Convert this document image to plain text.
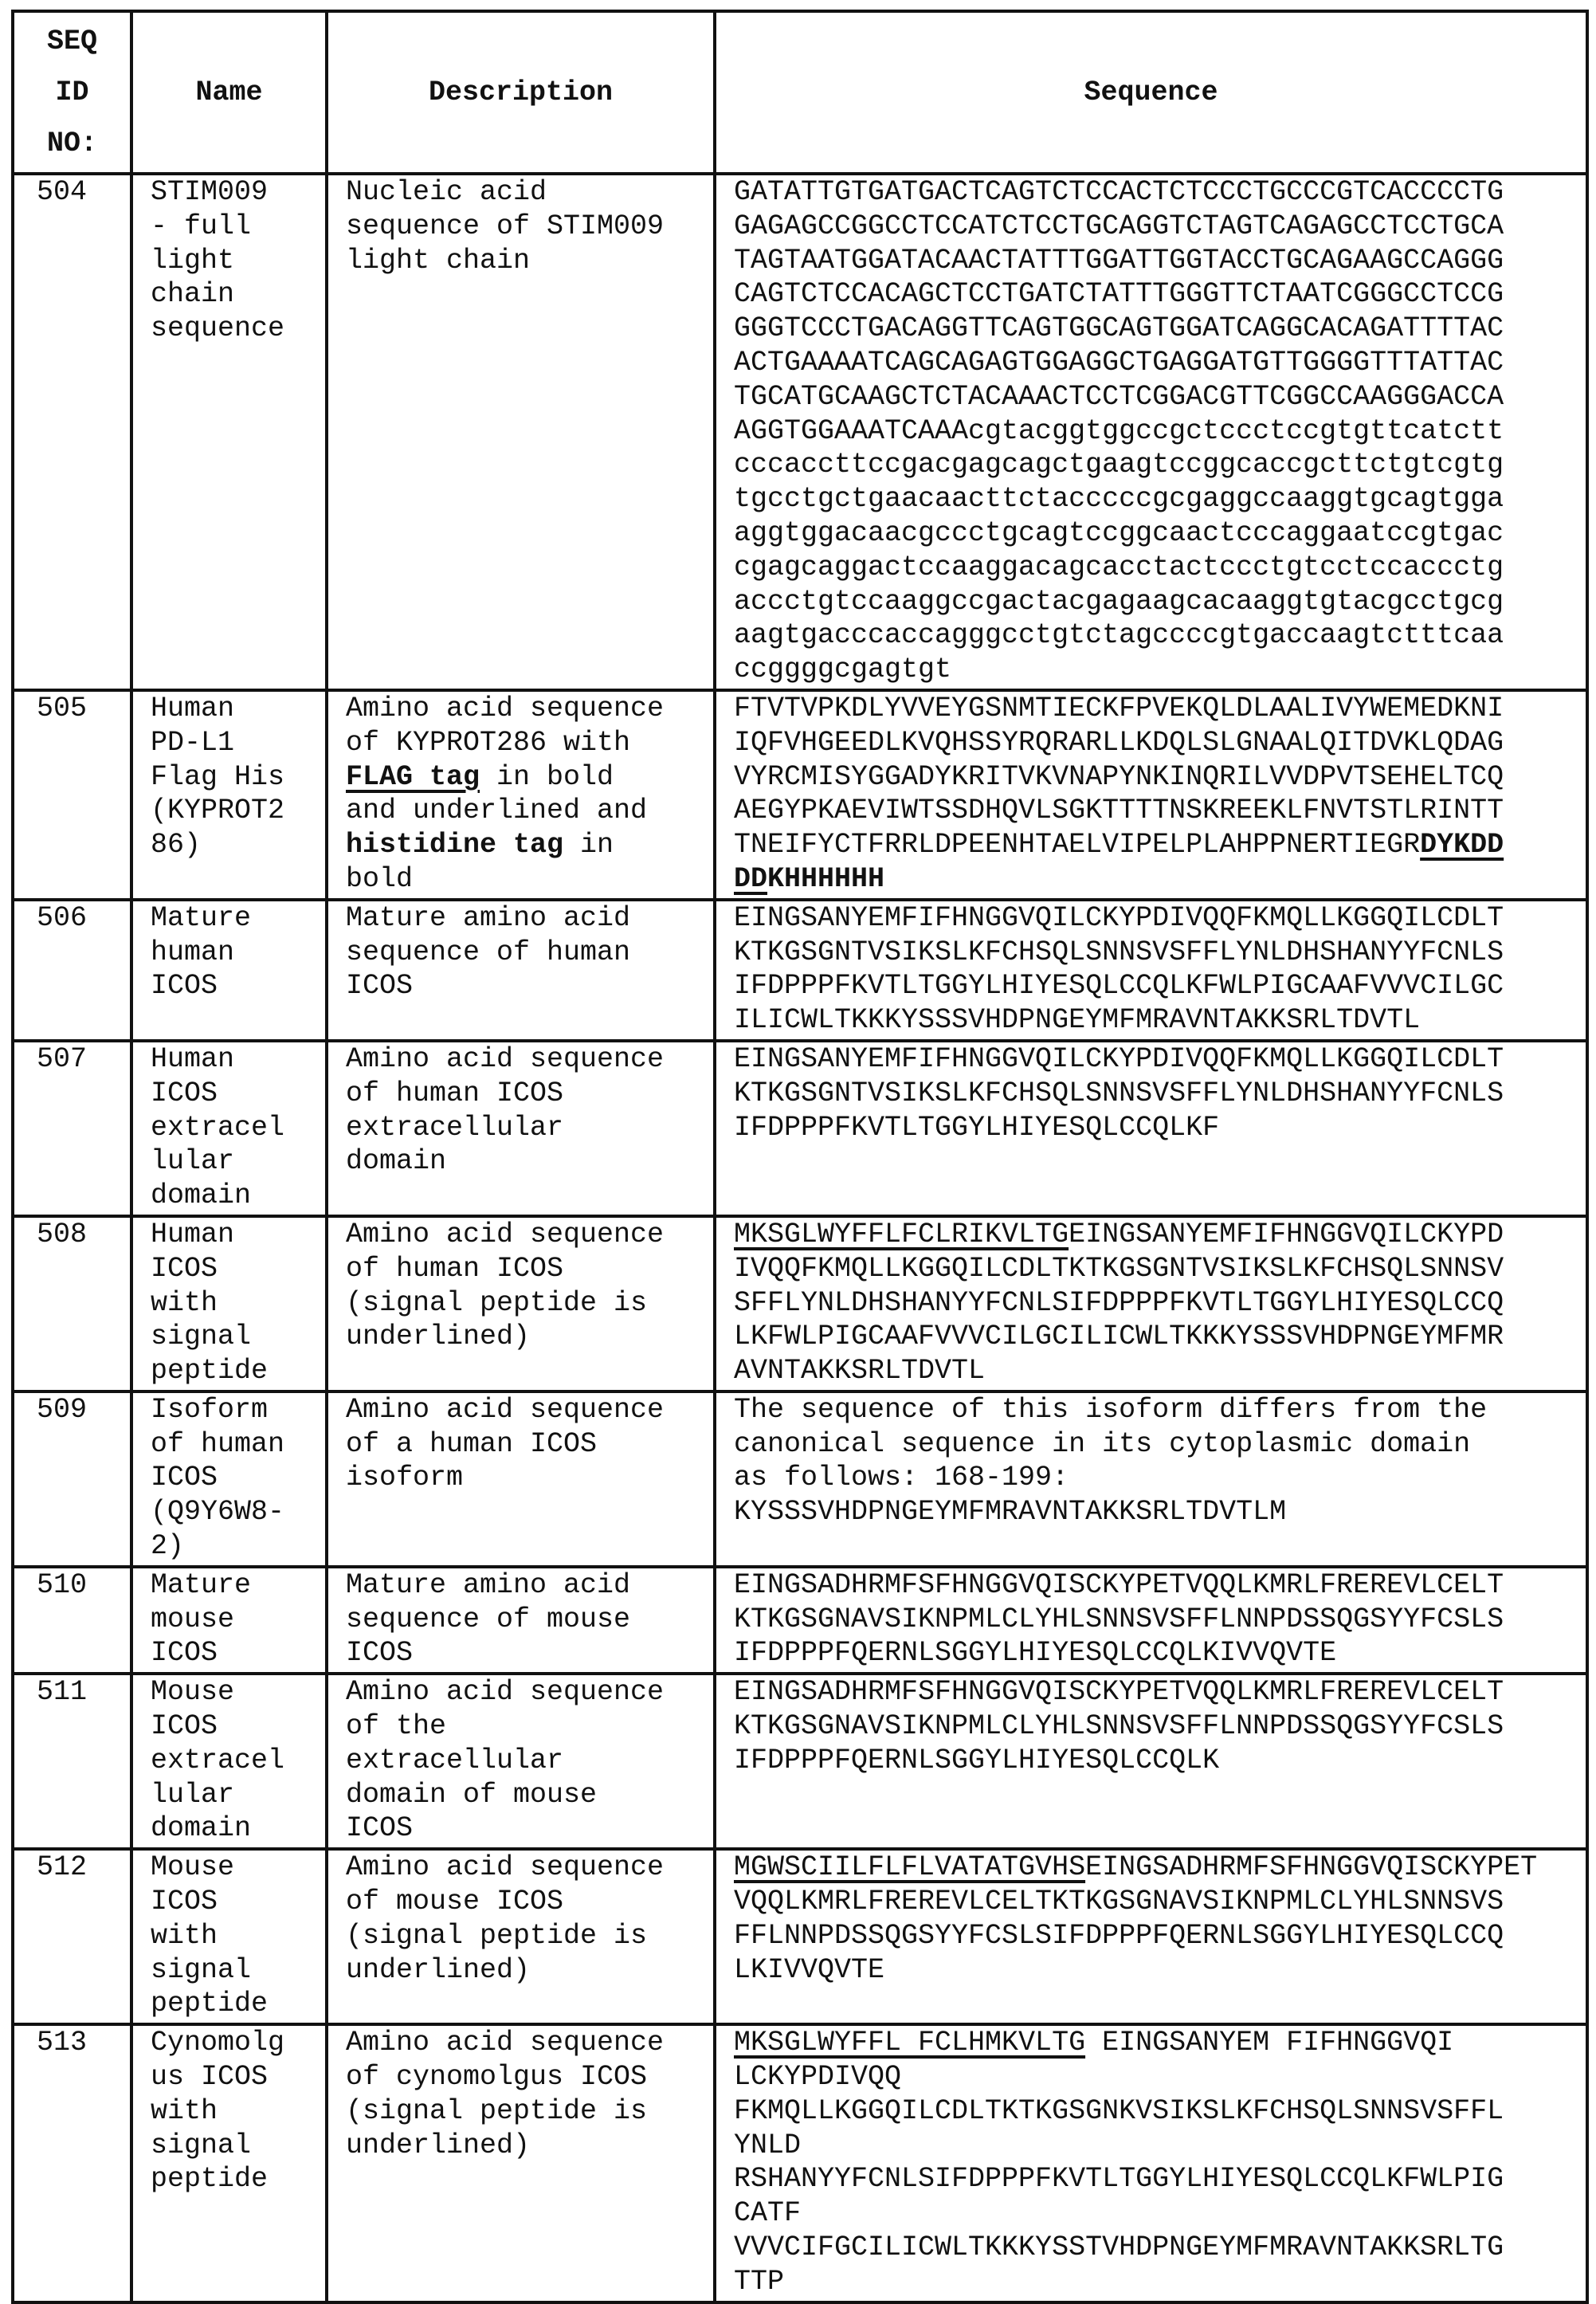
SEQ
ID
NO:	Name	Description	Sequence
504	STIM009
- full
light
chain
sequence	Nucleic acid
sequence of STIM009
light chain	GATATTGTGATGACTCAGTCTCCACTCTCCCTGCCCGTCACCCCTG
GAGAGCCGGCCTCCATCTCCTGCAGGTCTAGTCAGAGCCTCCTGCA
TAGTAATGGATACAACTATTTGGATTGGTACCTGCAGAAGCCAGGG
CAGTCTCCACAGCTCCTGATCTATTTGGGTTCTAATCGGGCCTCCG
GGGTCCCTGACAGGTTCAGTGGCAGTGGATCAGGCACAGATTTTAC
ACTGAAAATCAGCAGAGTGGAGGCTGAGGATGTTGGGGTTTATTAC
TGCATGCAAGCTCTACAAACTCCTCGGACGTTCGGCCAAGGGACCA
AGGTGGAAATCAAAcgtacggtggccgctccctccgtgttcatctt
cccaccttccgacgagcagctgaagtccggcaccgcttctgtcgtg
tgcctgctgaacaacttctacccccgcgaggccaaggtgcagtgga
aggtggacaacgccctgcagtccggcaactcccaggaatccgtgac
cgagcaggactccaaggacagcacctactccctgtcctccaccctg
accctgtccaaggccgactacgagaagcacaaggtgtacgcctgcg
aagtgacccaccagggcctgtctagccccgtgaccaagtctttcaa
ccggggcgagtgt
505	Human
PD-L1
Flag His
(KYPROT2
86)	Amino acid sequence
of KYPROT286 with
FLAG tag in bold
and underlined and
histidine tag in
bold	FTVTVPKDLYVVEYGSNMTIECKFPVEKQLDLAALIVYWEMEDKNI
IQFVHGEEDLKVQHSSYRQRARLLKDQLSLGNAALQITDVKLQDAG
VYRCMISYGGADYKRITVKVNAPYNKINQRILVVDPVTSEHELTCQ
AEGYPKAEVIWTSSDHQVLSGKTTTTNSKREEKLFNVTSTLRINTT
TNEIFYCTFRRLDPEENHTAELVIPELPLAHPPNERTIEGRDYKDD
DDKHHHHHH
506	Mature
human
ICOS	Mature amino acid
sequence of human
ICOS	EINGSANYEMFIFHNGGVQILCKYPDIVQQFKMQLLKGGQILCDLT
KTKGSGNTVSIKSLKFCHSQLSNNSVSFFLYNLDHSHANYYFCNLS
IFDPPPFKVTLTGGYLHIYESQLCCQLKFWLPIGCAAFVVVCILGC
ILICWLTKKKYSSSVHDPNGEYMFMRAVNTAKKSRLTDVTL
507	Human
ICOS
extracel
lular
domain	Amino acid sequence
of human ICOS
extracellular
domain	EINGSANYEMFIFHNGGVQILCKYPDIVQQFKMQLLKGGQILCDLT
KTKGSGNTVSIKSLKFCHSQLSNNSVSFFLYNLDHSHANYYFCNLS
IFDPPPFKVTLTGGYLHIYESQLCCQLKF
508	Human
ICOS
with
signal
peptide	Amino acid sequence
of human ICOS
(signal peptide is
underlined)	MKSGLWYFFLFCLRIKVLTGEINGSANYEMFIFHNGGVQILCKYPD
IVQQFKMQLLKGGQILCDLTKTKGSGNTVSIKSLKFCHSQLSNNSV
SFFLYNLDHSHANYYFCNLSIFDPPPFKVTLTGGYLHIYESQLCCQ
LKFWLPIGCAAFVVVCILGCILICWLTKKKYSSSVHDPNGEYMFMR
AVNTAKKSRLTDVTL
509	Isoform
of human
ICOS
(Q9Y6W8-
2)	Amino acid sequence
of a human ICOS
isoform	The sequence of this isoform differs from the
canonical sequence in its cytoplasmic domain
as follows: 168-199:
KYSSSVHDPNGEYMFMRAVNTAKKSRLTDVTLM
510	Mature
mouse
ICOS	Mature amino acid
sequence of mouse
ICOS	EINGSADHRMFSFHNGGVQISCKYPETVQQLKMRLFREREVLCELT
KTKGSGNAVSIKNPMLCLYHLSNNSVSFFLNNPDSSQGSYYFCSLS
IFDPPPFQERNLSGGYLHIYESQLCCQLKIVVQVTE
511	Mouse
ICOS
extracel
lular
domain	Amino acid sequence
of the
extracellular
domain of mouse
ICOS	EINGSADHRMFSFHNGGVQISCKYPETVQQLKMRLFREREVLCELT
KTKGSGNAVSIKNPMLCLYHLSNNSVSFFLNNPDSSQGSYYFCSLS
IFDPPPFQERNLSGGYLHIYESQLCCQLK
512	Mouse
ICOS
with
signal
peptide	Amino acid sequence
of mouse ICOS
(signal peptide is
underlined)	MGWSCIILFLFLVATATGVHSEINGSADHRMFSFHNGGVQISCKYPET
VQQLKMRLFREREVLCELTKTKGSGNAVSIKNPMLCLYHLSNNSVS
FFLNNPDSSQGSYYFCSLSIFDPPPFQERNLSGGYLHIYESQLCCQ
LKIVVQVTE
513	Cynomolg
us ICOS
with
signal
peptide	Amino acid sequence
of cynomolgus ICOS
(signal peptide is
underlined)	MKSGLWYFFL FCLHMKVLTG EINGSANYEM FIFHNGGVQI
LCKYPDIVQQ
FKMQLLKGGQILCDLTKTKGSGNKVSIKSLKFCHSQLSNNSVSFFL
YNLD
RSHANYYFCNLSIFDPPPFKVTLTGGYLHIYESQLCCQLKFWLPIG
CATF
VVVCIFGCILICWLTKKKYSSTVHDPNGEYMFMRAVNTAKKSRLTG
TTP
